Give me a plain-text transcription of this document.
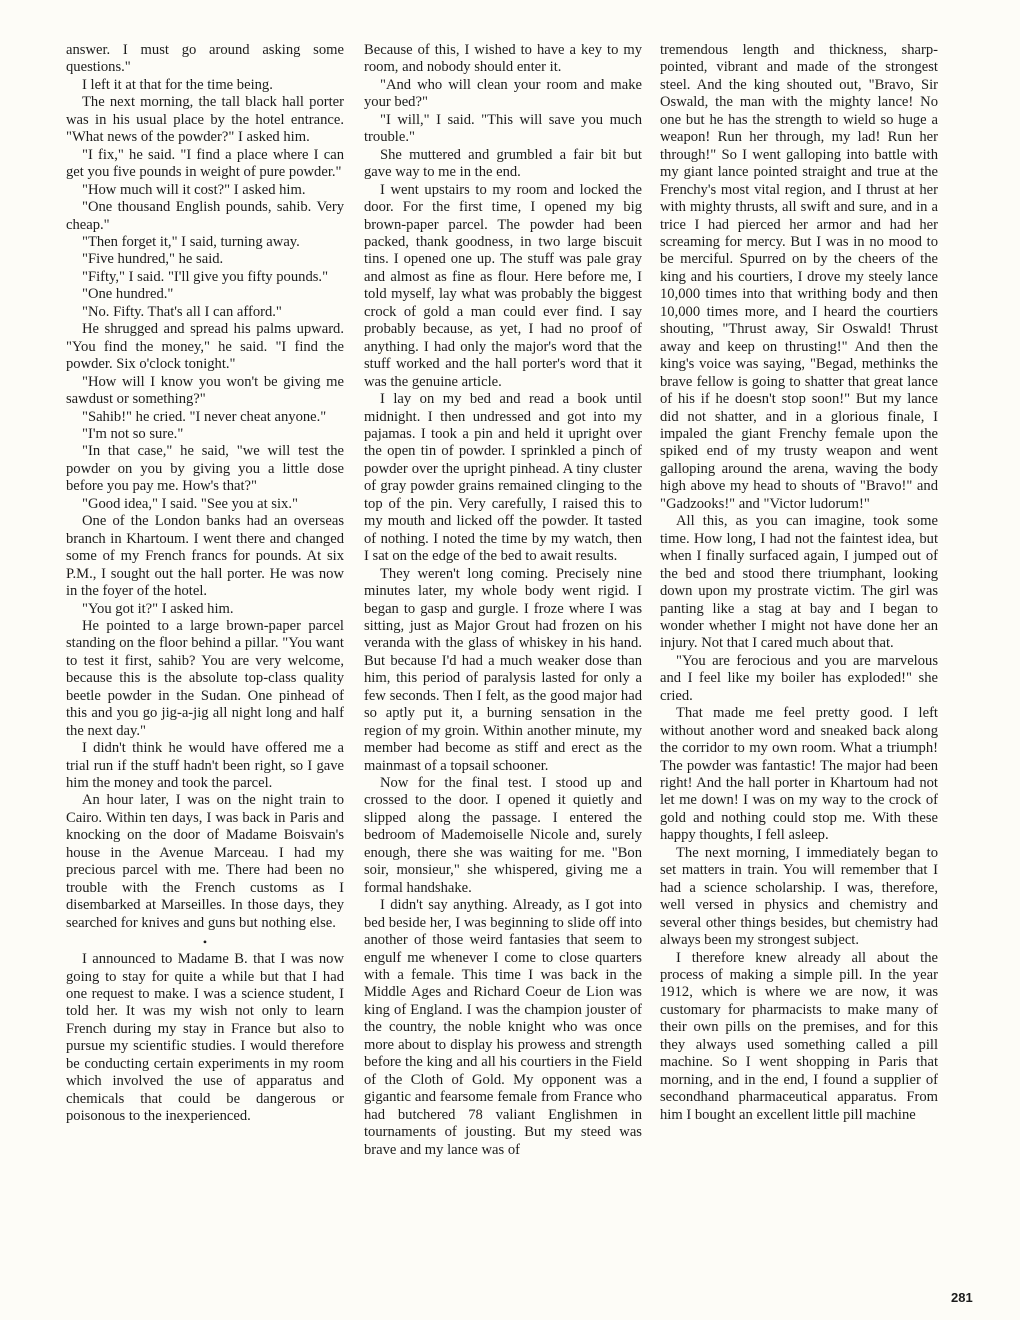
answer. I must go around asking some questions."

I left it at that for the time being.

The next morning, the tall black hall porter was in his usual place by the hotel entrance. "What news of the powder?" I asked him.

"I fix," he said. "I find a place where I can get you five pounds in weight of pure powder."

"How much will it cost?" I asked him.

"One thousand English pounds, sahib. Very cheap."

"Then forget it," I said, turning away.

"Five hundred," he said.

"Fifty," I said. "I'll give you fifty pounds."

"One hundred."

"No. Fifty. That's all I can afford."

He shrugged and spread his palms upward. "You find the money," he said. "I find the powder. Six o'clock tonight."

"How will I know you won't be giving me sawdust or something?"

"Sahib!" he cried. "I never cheat anyone."

"I'm not so sure."

"In that case," he said, "we will test the powder on you by giving you a little dose before you pay me. How's that?"

"Good idea," I said. "See you at six."

One of the London banks had an overseas branch in Khartoum. I went there and changed some of my French francs for pounds. At six P.M., I sought out the hall porter. He was now in the foyer of the hotel.

"You got it?" I asked him.

He pointed to a large brown-paper parcel standing on the floor behind a pillar. "You want to test it first, sahib? You are very welcome, because this is the absolute top-class quality beetle powder in the Sudan. One pinhead of this and you go jig-a-jig all night long and half the next day."

I didn't think he would have offered me a trial run if the stuff hadn't been right, so I gave him the money and took the parcel.

An hour later, I was on the night train to Cairo. Within ten days, I was back in Paris and knocking on the door of Madame Boisvain's house in the Avenue Marceau. I had my precious parcel with me. There had been no trouble with the French customs as I disembarked at Marseilles. In those days, they searched for knives and guns but nothing else.

•

I announced to Madame B. that I was now going to stay for quite a while but that I had one request to make. I was a science student, I told her. It was my wish not only to learn French during my stay in France but also to pursue my scientific studies. I would therefore be conducting certain experiments in my room which involved the use of apparatus and chemicals that could be dangerous or poisonous to the inexperienced.

Because of this, I wished to have a key to my room, and nobody should enter it.

"And who will clean your room and make your bed?"

"I will," I said. "This will save you much trouble."

She muttered and grumbled a fair bit but gave way to me in the end.

I went upstairs to my room and locked the door. For the first time, I opened my big brown-paper parcel. The powder had been packed, thank goodness, in two large biscuit tins. I opened one up. The stuff was pale gray and almost as fine as flour. Here before me, I told myself, lay what was probably the biggest crock of gold a man could ever find. I say probably because, as yet, I had no proof of anything. I had only the major's word that the stuff worked and the hall porter's word that it was the genuine article.

I lay on my bed and read a book until midnight. I then undressed and got into my pajamas. I took a pin and held it upright over the open tin of powder. I sprinkled a pinch of powder over the upright pinhead. A tiny cluster of gray powder grains remained clinging to the top of the pin. Very carefully, I raised this to my mouth and licked off the powder. It tasted of nothing. I noted the time by my watch, then I sat on the edge of the bed to await results.

They weren't long coming. Precisely nine minutes later, my whole body went rigid. I began to gasp and gurgle. I froze where I was sitting, just as Major Grout had frozen on his veranda with the glass of whiskey in his hand. But because I'd had a much weaker dose than him, this period of paralysis lasted for only a few seconds. Then I felt, as the good major had so aptly put it, a burning sensation in the region of my groin. Within another minute, my member had become as stiff and erect as the mainmast of a topsail schooner.

Now for the final test. I stood up and crossed to the door. I opened it quietly and slipped along the passage. I entered the bedroom of Mademoiselle Nicole and, surely enough, there she was waiting for me. "Bon soir, monsieur," she whispered, giving me a formal handshake.

I didn't say anything. Already, as I got into bed beside her, I was beginning to slide off into another of those weird fantasies that seem to engulf me whenever I come to close quarters with a female. This time I was back in the Middle Ages and Richard Coeur de Lion was king of England. I was the champion jouster of the country, the noble knight who was once more about to display his prowess and strength before the king and all his courtiers in the Field of the Cloth of Gold. My opponent was a gigantic and fearsome female from France who had butchered 78 valiant Englishmen in tournaments of jousting. But my steed was brave and my lance was of

tremendous length and thickness, sharp-pointed, vibrant and made of the strongest steel. And the king shouted out, "Bravo, Sir Oswald, the man with the mighty lance! No one but he has the strength to wield so huge a weapon! Run her through, my lad! Run her through!" So I went galloping into battle with my giant lance pointed straight and true at the Frenchy's most vital region, and I thrust at her with mighty thrusts, all swift and sure, and in a trice I had pierced her armor and had her screaming for mercy. But I was in no mood to be merciful. Spurred on by the cheers of the king and his courtiers, I drove my steely lance 10,000 times into that writhing body and then 10,000 times more, and I heard the courtiers shouting, "Thrust away, Sir Oswald! Thrust away and keep on thrusting!" And then the king's voice was saying, "Begad, methinks the brave fellow is going to shatter that great lance of his if he doesn't stop soon!" But my lance did not shatter, and in a glorious finale, I impaled the giant Frenchy female upon the spiked end of my trusty weapon and went galloping around the arena, waving the body high above my head to shouts of "Bravo!" and "Gadzooks!" and "Victor ludorum!"

All this, as you can imagine, took some time. How long, I had not the faintest idea, but when I finally surfaced again, I jumped out of the bed and stood there triumphant, looking down upon my prostrate victim. The girl was panting like a stag at bay and I began to wonder whether I might not have done her an injury. Not that I cared much about that.

"You are ferocious and you are marvelous and I feel like my boiler has exploded!" she cried.

That made me feel pretty good. I left without another word and sneaked back along the corridor to my own room. What a triumph! The powder was fantastic! The major had been right! And the hall porter in Khartoum had not let me down! I was on my way to the crock of gold and nothing could stop me. With these happy thoughts, I fell asleep.

The next morning, I immediately began to set matters in train. You will remember that I had a science scholarship. I was, therefore, well versed in physics and chemistry and several other things besides, but chemistry had always been my strongest subject.

I therefore knew already all about the process of making a simple pill. In the year 1912, which is where we are now, it was customary for pharmacists to make many of their own pills on the premises, and for this they always used something called a pill machine. So I went shopping in Paris that morning, and in the end, I found a supplier of secondhand pharmaceutical apparatus. From him I bought an excellent little pill machine

281
